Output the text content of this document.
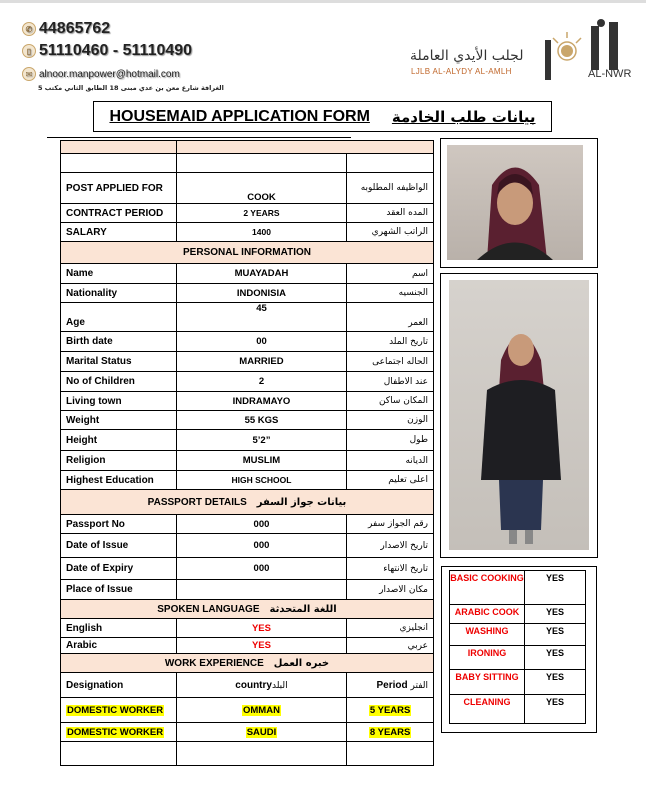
✆ 44865762
▯ 51110460 - 51110490
✉ alnoor.manpower@hotmail.com
الغرافة شارع معن بن عدي مبنى 18 الطابق الثاني مكتب 5
لجلب الأيدي العاملة
LJLB AL-ALYDY AL-AMLH	AL-NWR
HOUSEMAID APPLICATION FORM بيانات طلب الخادمة

POST APPLIED FOR	COOK	الواظيفه المطلوبه
CONTRACT PERIOD	2 YEARS	المده العقد
SALARY	1400	الراتب الشهري
PERSONAL INFORMATION		
Name	MUAYADAH	اسم
Nationality	INDONISIA	الجنسيه
Age	45	العمر
Birth date	00	تاريخ الملد
Marital Status	MARRIED	الحاله اجتماعى
No of Children	2	عند الاطفال
Living town	INDRAMAYO	المكان ساكن
Weight	55 KGS	الوزن
Height	5’2”	طول
Religion	MUSLIM	الديانه
Highest Education	HIGH SCHOOL	اعلى تعليم
PASSPORT DETAILS بيانات جواز السفر		
Passport No	000	رقم الجواز سفر
Date of Issue	000	تاريخ الاصدار
Date of Expiry	000	تاريخ الانتهاء
Place of Issue		مكان الاصدار
SPOKEN LANGUAGE اللغة المتحدثة		
English	YES	انجليزي
Arabic	YES	عربي
WORK EXPERIENCE خبره العمل		
Designation	countryالبلد	Period الفتر
DOMESTIC WORKER	OMMAN	5 YEARS
DOMESTIC WORKER	SAUDI	8 YEARS

BASIC COOKING	YES
ARABIC COOK	YES
WASHING	YES
IRONING	YES
BABY SITTING	YES
CLEANING	YES
